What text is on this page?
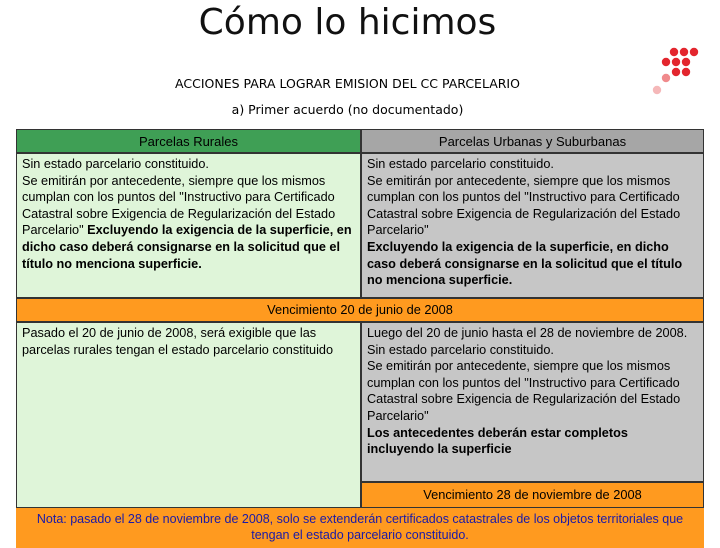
Cómo lo hicimos
ACCIONES PARA LOGRAR EMISION DEL CC PARCELARIO
a) Primer acuerdo (no documentado)
Parcelas Rurales	Parcelas Urbanas y Suburbanas
Sin estado parcelario constituido.
Se emitirán por antecedente, siempre que los mismos cumplan con los puntos del "Instructivo para Certificado Catastral sobre Exigencia de Regularización del Estado Parcelario" Excluyendo la exigencia de la superficie, en dicho caso deberá consignarse en la solicitud que el título no menciona superficie.
Sin estado parcelario constituido.
Se emitirán por antecedente, siempre que los mismos cumplan con los puntos del "Instructivo para Certificado Catastral sobre Exigencia de Regularización del Estado Parcelario"
Excluyendo la exigencia de la superficie, en dicho caso deberá consignarse en la solicitud que el título no menciona superficie.
Vencimiento 20 de junio de 2008
Pasado el 20 de junio de 2008, será exigible que las parcelas rurales tengan el estado parcelario constituido
Luego del 20 de junio hasta el 28 de noviembre de 2008.
Sin estado parcelario constituido.
Se emitirán por antecedente, siempre que los mismos cumplan con los puntos del "Instructivo para Certificado Catastral sobre Exigencia de Regularización del Estado Parcelario"
Los antecedentes deberán estar completos incluyendo la superficie
Vencimiento 28 de noviembre de 2008
Nota: pasado el 28 de noviembre de 2008, solo se extenderán certificados catastrales de los objetos territoriales que tengan el estado parcelario constituido.
